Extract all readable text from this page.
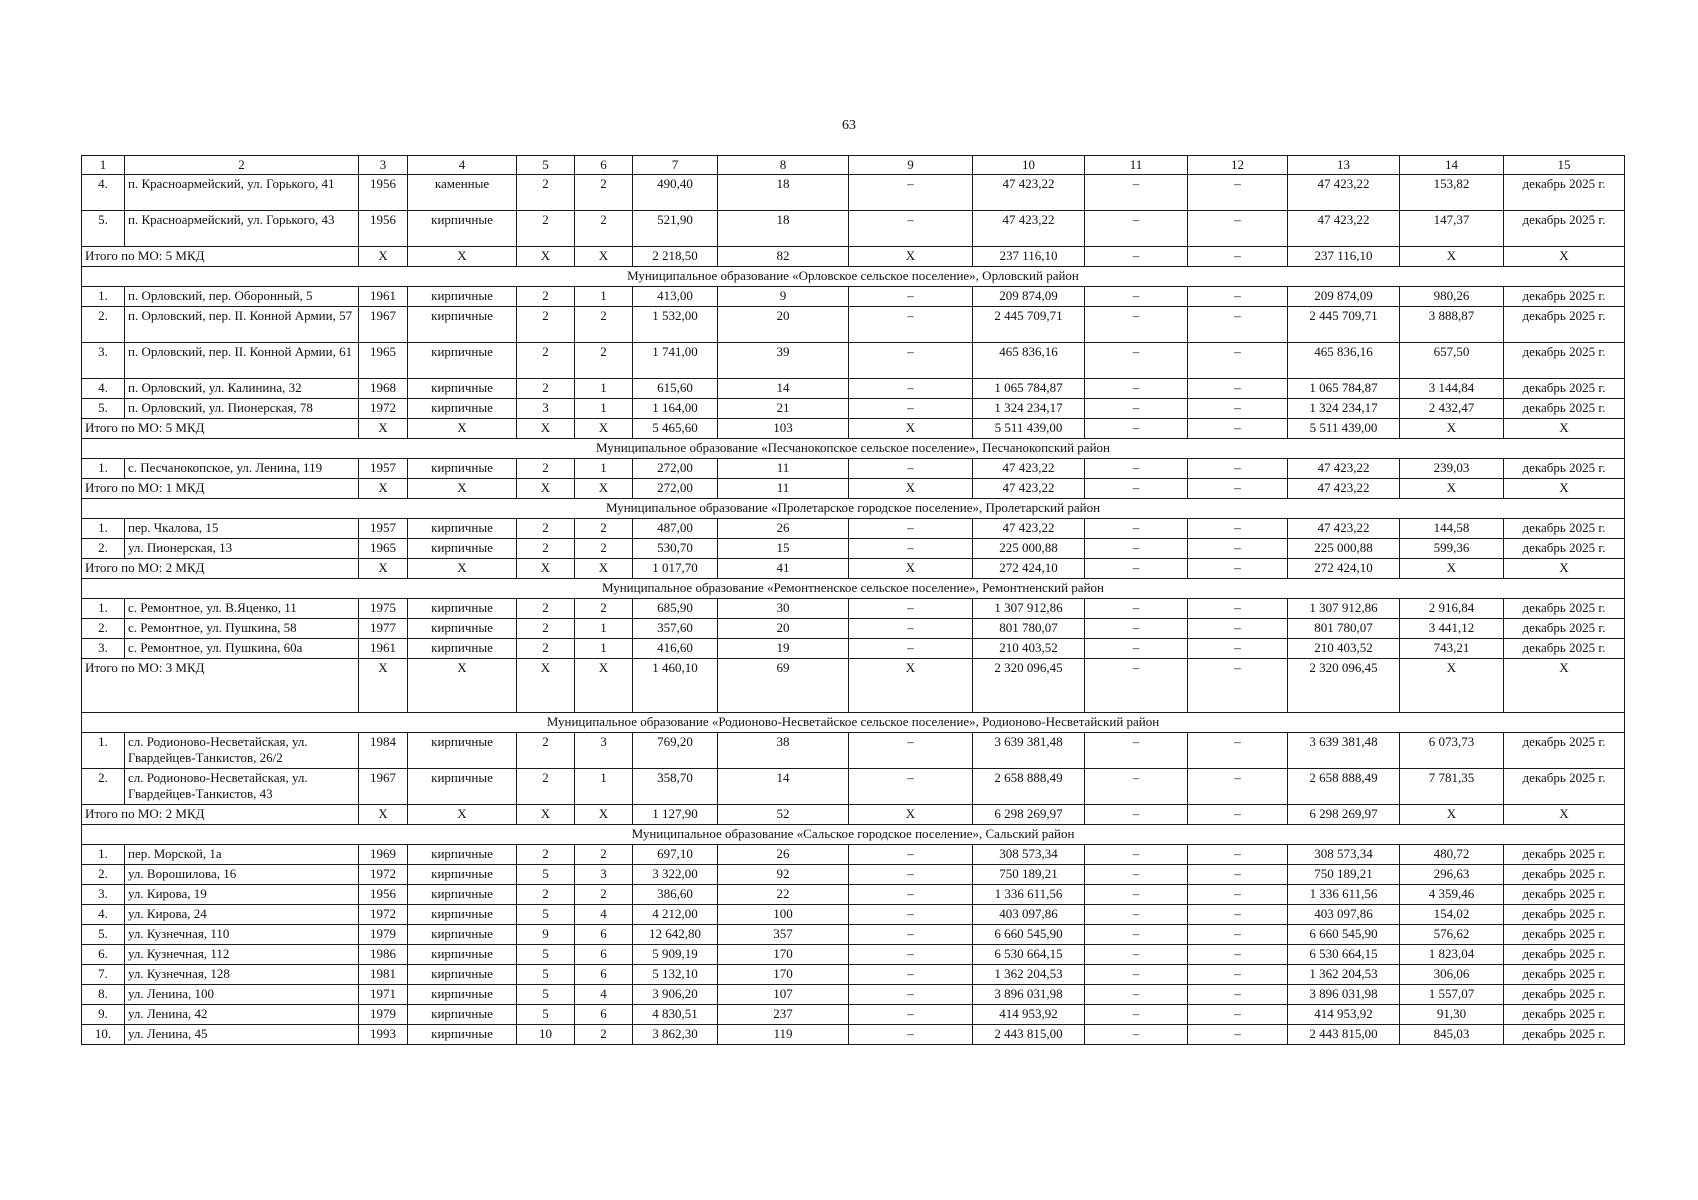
63
1	2	3	4	5	6	7	8	9	10	11	12	13	14	15
4.	п. Красноармейский, ул. Горького, 41	1956	каменные	2	2	490,40	18	–	47 423,22	–	–	47 423,22	153,82	декабрь 2025 г.
5.	п. Красноармейский, ул. Горького, 43	1956	кирпичные	2	2	521,90	18	–	47 423,22	–	–	47 423,22	147,37	декабрь 2025 г.
Итого по МО: 5 МКД		X	X	X	X	2 218,50	82	X	237 116,10	–	–	237 116,10	X	X
Муниципальное образование «Орловское сельское поселение», Орловский район														
1.	п. Орловский, пер. Оборонный, 5	1961	кирпичные	2	1	413,00	9	–	209 874,09	–	–	209 874,09	980,26	декабрь 2025 г.
2.	п. Орловский, пер. II. Конной Армии, 57	1967	кирпичные	2	2	1 532,00	20	–	2 445 709,71	–	–	2 445 709,71	3 888,87	декабрь 2025 г.
3.	п. Орловский, пер. II. Конной Армии, 61	1965	кирпичные	2	2	1 741,00	39	–	465 836,16	–	–	465 836,16	657,50	декабрь 2025 г.
4.	п. Орловский, ул. Калинина, 32	1968	кирпичные	2	1	615,60	14	–	1 065 784,87	–	–	1 065 784,87	3 144,84	декабрь 2025 г.
5.	п. Орловский, ул. Пионерская, 78	1972	кирпичные	3	1	1 164,00	21	–	1 324 234,17	–	–	1 324 234,17	2 432,47	декабрь 2025 г.
Итого по МО: 5 МКД		X	X	X	X	5 465,60	103	X	5 511 439,00	–	–	5 511 439,00	X	X
Муниципальное образование «Песчанокопское сельское поселение», Песчанокопский район														
1.	с. Песчанокопское, ул. Ленина, 119	1957	кирпичные	2	1	272,00	11	–	47 423,22	–	–	47 423,22	239,03	декабрь 2025 г.
Итого по МО: 1 МКД		X	X	X	X	272,00	11	X	47 423,22	–	–	47 423,22	X	X
Муниципальное образование «Пролетарское городское поселение», Пролетарский район														
1.	пер. Чкалова, 15	1957	кирпичные	2	2	487,00	26	–	47 423,22	–	–	47 423,22	144,58	декабрь 2025 г.
2.	ул. Пионерская, 13	1965	кирпичные	2	2	530,70	15	–	225 000,88	–	–	225 000,88	599,36	декабрь 2025 г.
Итого по МО: 2 МКД		X	X	X	X	1 017,70	41	X	272 424,10	–	–	272 424,10	X	X
Муниципальное образование «Ремонтненское сельское поселение», Ремонтненский район														
1.	с. Ремонтное, ул. В.Яценко, 11	1975	кирпичные	2	2	685,90	30	–	1 307 912,86	–	–	1 307 912,86	2 916,84	декабрь 2025 г.
2.	с. Ремонтное, ул. Пушкина, 58	1977	кирпичные	2	1	357,60	20	–	801 780,07	–	–	801 780,07	3 441,12	декабрь 2025 г.
3.	с. Ремонтное, ул. Пушкина, 60а	1961	кирпичные	2	1	416,60	19	–	210 403,52	–	–	210 403,52	743,21	декабрь 2025 г.
Итого по МО: 3 МКД		X	X	X	X	1 460,10	69	X	2 320 096,45	–	–	2 320 096,45	X	X
Муниципальное образование «Родионово-Несветайское сельское поселение», Родионово-Несветайский район														
1.	сл. Родионово-Несветайская, ул. Гвардейцев-Танкистов, 26/2	1984	кирпичные	2	3	769,20	38	–	3 639 381,48	–	–	3 639 381,48	6 073,73	декабрь 2025 г.
2.	сл. Родионово-Несветайская, ул. Гвардейцев-Танкистов, 43	1967	кирпичные	2	1	358,70	14	–	2 658 888,49	–	–	2 658 888,49	7 781,35	декабрь 2025 г.
Итого по МО: 2 МКД		X	X	X	X	1 127,90	52	X	6 298 269,97	–	–	6 298 269,97	X	X
Муниципальное образование «Сальское городское поселение», Сальский район														
1.	пер. Морской, 1а	1969	кирпичные	2	2	697,10	26	–	308 573,34	–	–	308 573,34	480,72	декабрь 2025 г.
2.	ул. Ворошилова, 16	1972	кирпичные	5	3	3 322,00	92	–	750 189,21	–	–	750 189,21	296,63	декабрь 2025 г.
3.	ул. Кирова, 19	1956	кирпичные	2	2	386,60	22	–	1 336 611,56	–	–	1 336 611,56	4 359,46	декабрь 2025 г.
4.	ул. Кирова, 24	1972	кирпичные	5	4	4 212,00	100	–	403 097,86	–	–	403 097,86	154,02	декабрь 2025 г.
5.	ул. Кузнечная, 110	1979	кирпичные	9	6	12 642,80	357	–	6 660 545,90	–	–	6 660 545,90	576,62	декабрь 2025 г.
6.	ул. Кузнечная, 112	1986	кирпичные	5	6	5 909,19	170	–	6 530 664,15	–	–	6 530 664,15	1 823,04	декабрь 2025 г.
7.	ул. Кузнечная, 128	1981	кирпичные	5	6	5 132,10	170	–	1 362 204,53	–	–	1 362 204,53	306,06	декабрь 2025 г.
8.	ул. Ленина, 100	1971	кирпичные	5	4	3 906,20	107	–	3 896 031,98	–	–	3 896 031,98	1 557,07	декабрь 2025 г.
9.	ул. Ленина, 42	1979	кирпичные	5	6	4 830,51	237	–	414 953,92	–	–	414 953,92	91,30	декабрь 2025 г.
10.	ул. Ленина, 45	1993	кирпичные	10	2	3 862,30	119	–	2 443 815,00	–	–	2 443 815,00	845,03	декабрь 2025 г.
